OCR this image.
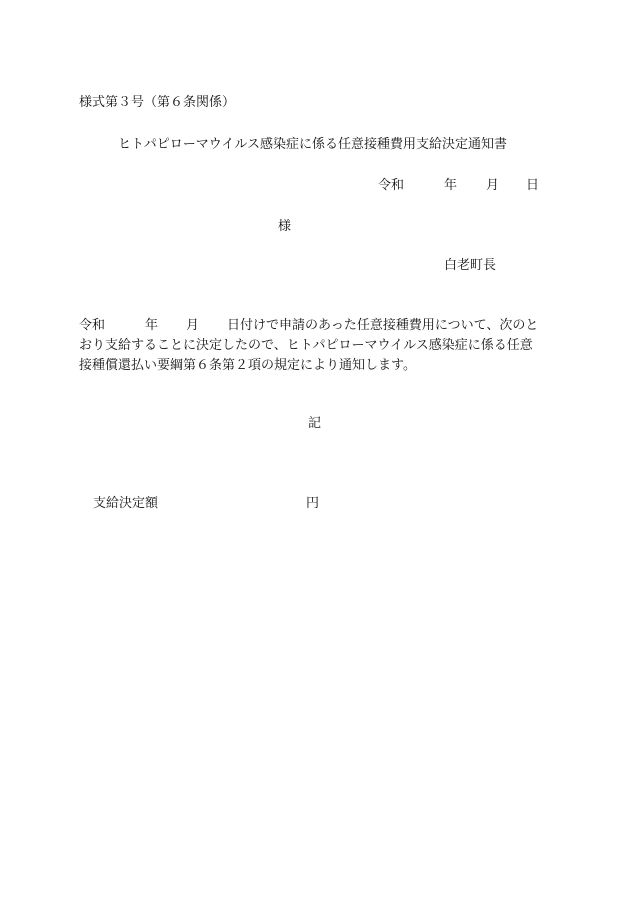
様式第３号（第６条関係）
ヒトパピローマウイルス感染症に係る任意接種費用支給決定通知書
令和	年 月 日
様
白老町長
令和	年 月 日付けで申請のあった任意接種費用について、次のと
おり支給することに決定したので、ヒトパピローマウイルス感染症に係る任意
接種償還払い要綱第６条第２項の規定により通知します。
記
支給決定額	円
